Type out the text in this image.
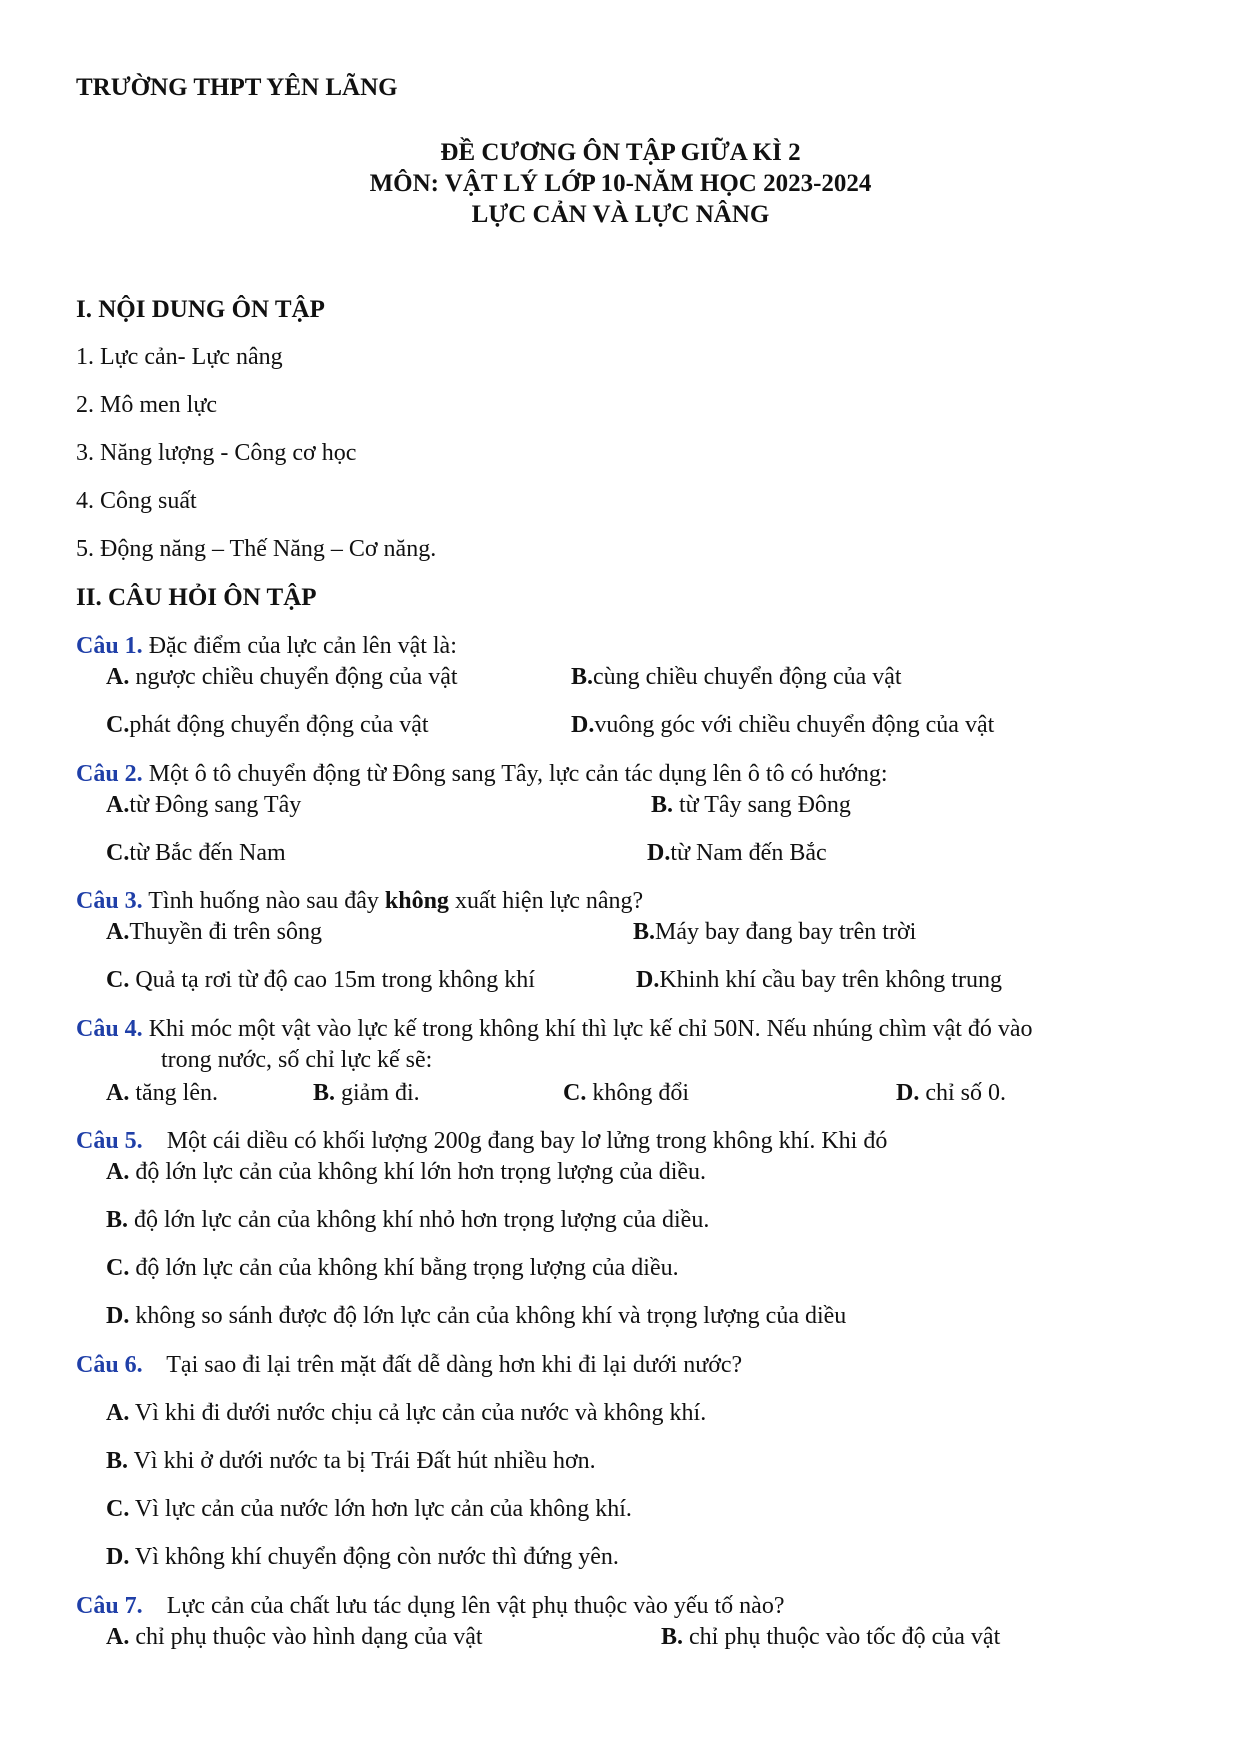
TRƯỜNG THPT YÊN LÃNG
ĐỀ CƯƠNG ÔN TẬP GIỮA KÌ 2
MÔN: VẬT LÝ LỚP 10-NĂM HỌC 2023-2024
LỰC CẢN VÀ LỰC NÂNG
I. NỘI DUNG ÔN TẬP
1. Lực cản- Lực nâng
2. Mô men lực
3. Năng lượng - Công cơ học
4. Công suất
5. Động năng – Thế Năng – Cơ năng.
II. CÂU HỎI ÔN TẬP
Câu 1. Đặc điểm của lực cản lên vật là:
A. ngược chiều chuyển động của vật	B.cùng chiều chuyển động của vật
C.phát động chuyển động của vật	D.vuông góc với chiều chuyển động của vật
Câu 2. Một ô tô chuyển động từ Đông sang Tây, lực cản tác dụng lên ô tô có hướng:
A.từ Đông sang Tây	B. từ Tây sang Đông
C.từ Bắc đến Nam	D.từ Nam đến Bắc
Câu 3. Tình huống nào sau đây không xuất hiện lực nâng?
A.Thuyền đi trên sông	B.Máy bay đang bay trên trời
C. Quả tạ rơi từ độ cao 15m trong không khí	D.Khinh khí cầu bay trên không trung
Câu 4. Khi móc một vật vào lực kế trong không khí thì lực kế chỉ 50N. Nếu nhúng chìm vật đó vào
trong nước, số chỉ lực kế sẽ:
A. tăng lên.	B. giảm đi.	C. không đổi	D. chỉ số 0.
Câu 5.    Một cái diều có khối lượng 200g đang bay lơ lửng trong không khí. Khi đó
A. độ lớn lực cản của không khí lớn hơn trọng lượng của diều.
B. độ lớn lực cản của không khí nhỏ hơn trọng lượng của diều.
C. độ lớn lực cản của không khí bằng trọng lượng của diều.
D. không so sánh được độ lớn lực cản của không khí và trọng lượng của diều
Câu 6.    Tại sao đi lại trên mặt đất dễ dàng hơn khi đi lại dưới nước?
A. Vì khi đi dưới nước chịu cả lực cản của nước và không khí.
B. Vì khi ở dưới nước ta bị Trái Đất hút nhiều hơn.
C. Vì lực cản của nước lớn hơn lực cản của không khí.
D. Vì không khí chuyển động còn nước thì đứng yên.
Câu 7.    Lực cản của chất lưu tác dụng lên vật phụ thuộc vào yếu tố nào?
A. chỉ phụ thuộc vào hình dạng của vật	B. chỉ phụ thuộc vào tốc độ của vật
